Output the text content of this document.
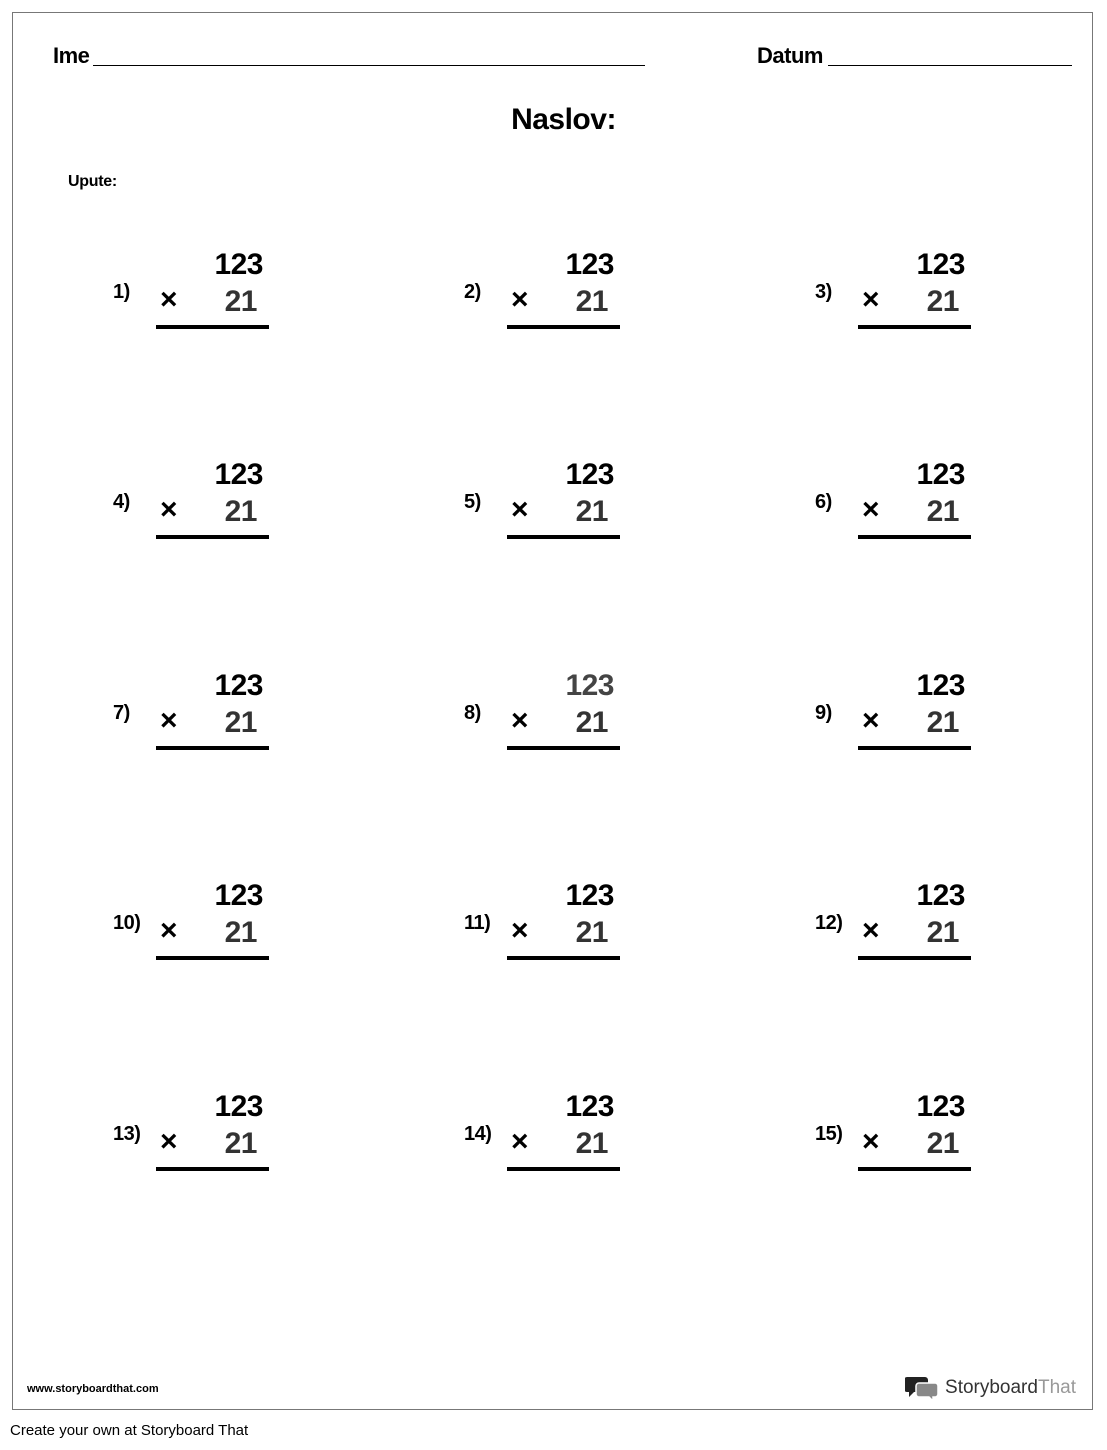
Ime	Datum
Naslov:
Upute:
1)
123
× 21	2)
123
× 21	3)
123
× 21
4)
123
× 21	5)
123
× 21	6)
123
× 21
7)
123
× 21	8)
123
× 21	9)
123
× 21
10)
123
× 21	11)
123
× 21	12)
123
× 21
13)
123
× 21	14)
123
× 21	15)
123
× 21
www.storyboardthat.com	StoryboardThat
Create your own at Storyboard That
